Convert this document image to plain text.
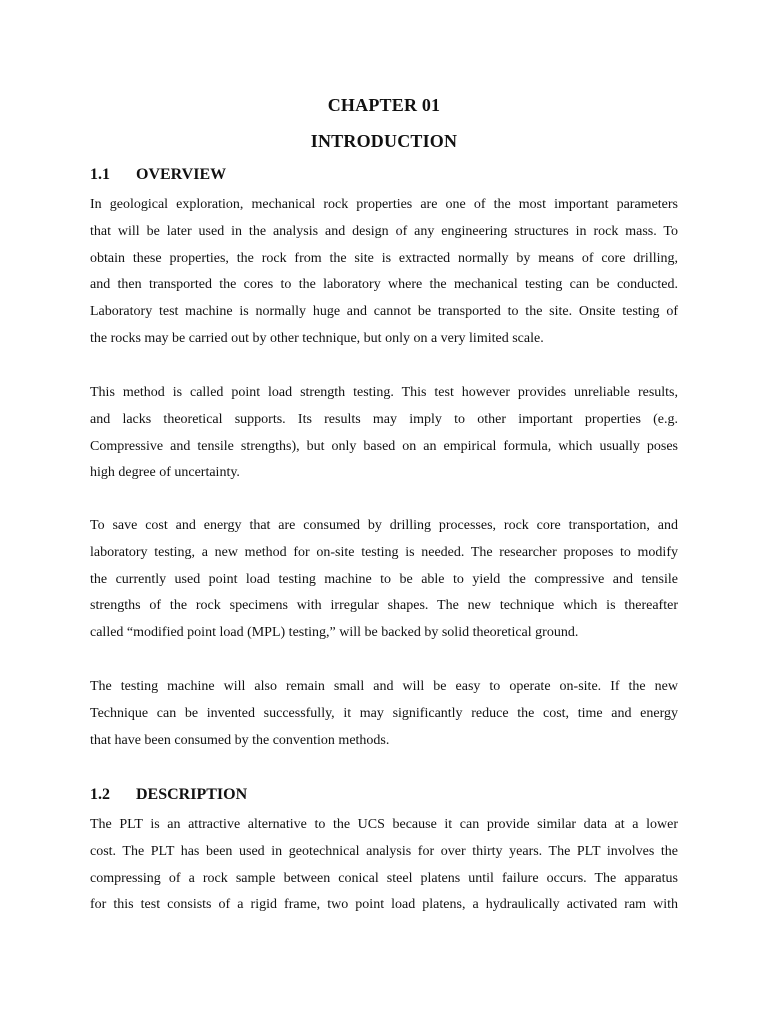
CHAPTER 01
INTRODUCTION
1.1	OVERVIEW

In geological exploration, mechanical rock properties are one of the most important parameters
that will be later used in the analysis and design of any engineering structures in rock mass. To
obtain these properties, the rock from the site is extracted normally by means of core drilling,
and then transported the cores to the laboratory where the mechanical testing can be conducted.
Laboratory test machine is normally huge and cannot be transported to the site. Onsite testing of
the rocks may be carried out by other technique, but only on a very limited scale.

This method is called point load strength testing. This test however provides unreliable results,
and lacks theoretical supports. Its results may imply to other important properties (e.g.
Compressive and tensile strengths), but only based on an empirical formula, which usually poses
high degree of uncertainty.

To save cost and energy that are consumed by drilling processes, rock core transportation, and
laboratory testing, a new method for on-site testing is needed. The researcher proposes to modify
the currently used point load testing machine to be able to yield the compressive and tensile
strengths of the rock specimens with irregular shapes. The new technique which is thereafter
called “modified point load (MPL) testing,” will be backed by solid theoretical ground.

The testing machine will also remain small and will be easy to operate on-site. If the new
Technique can be invented successfully, it may significantly reduce the cost, time and energy
that have been consumed by the convention methods.

1.2	DESCRIPTION

The PLT is an attractive alternative to the UCS because it can provide similar data at a lower
cost. The PLT has been used in geotechnical analysis for over thirty years. The PLT involves the
compressing of a rock sample between conical steel platens until failure occurs. The apparatus
for this test consists of a rigid frame, two point load platens, a hydraulically activated ram with
